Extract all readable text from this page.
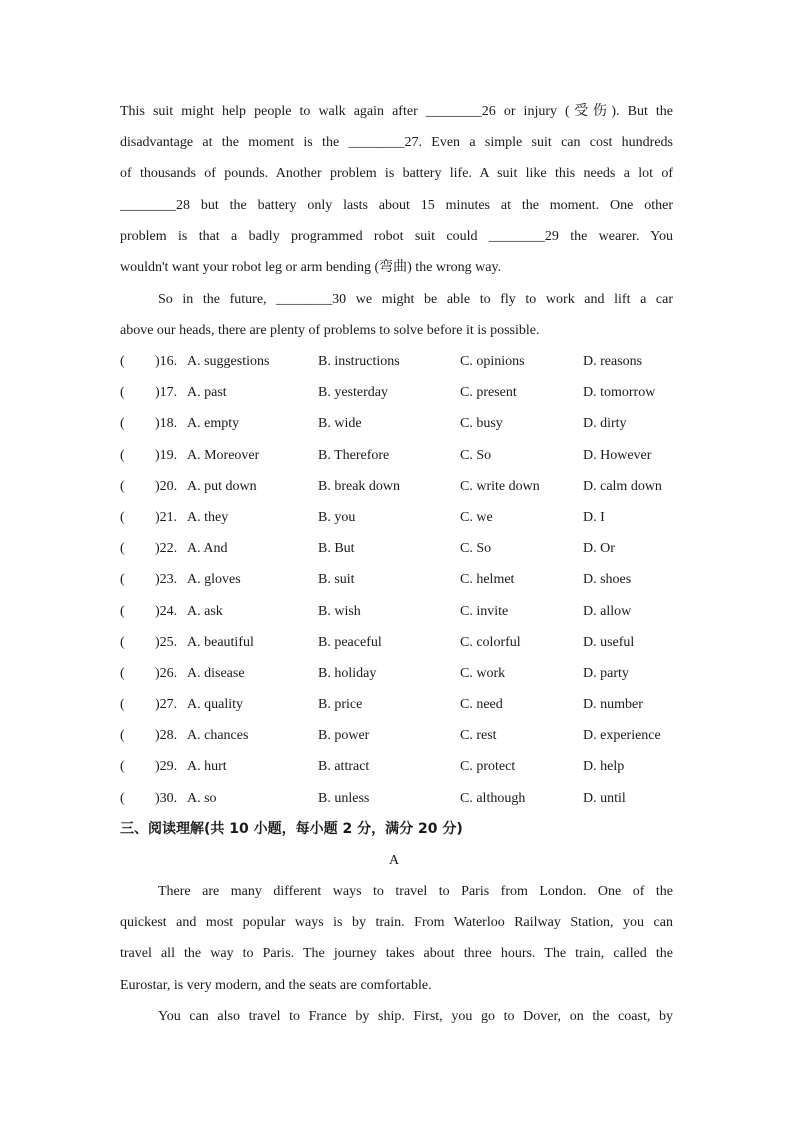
This suit might help people to walk again after ________26 or injury (受伤). But the
disadvantage at the moment is the ________27. Even a simple suit can cost hundreds
of thousands of pounds. Another problem is battery life. A suit like this needs a lot of
________28 but the battery only lasts about 15 minutes at the moment. One other
problem is that a badly programmed robot suit could ________29 the wearer. You
wouldn't want your robot leg or arm bending (弯曲) the wrong way.
So in the future, ________30 we might be able to fly to work and lift a car
above our heads, there are plenty of problems to solve before it is possible.
( )16. A. suggestions	B. instructions	C. opinions	D. reasons
( )17. A. past	B. yesterday	C. present	D. tomorrow
( )18. A. empty	B. wide	C. busy	D. dirty
( )19. A. Moreover	B. Therefore	C. So	D. However
( )20. A. put down	B. break down	C. write down	D. calm down
( )21. A. they	B. you	C. we	D. I
( )22. A. And	B. But	C. So	D. Or
( )23. A. gloves	B. suit	C. helmet	D. shoes
( )24. A. ask	B. wish	C. invite	D. allow
( )25. A. beautiful	B. peaceful	C. colorful	D. useful
( )26. A. disease	B. holiday	C. work	D. party
( )27. A. quality	B. price	C. need	D. number
( )28. A. chances	B. power	C. rest	D. experience
( )29. A. hurt	B. attract	C. protect	D. help
( )30. A. so	B. unless	C. although	D. until
三、阅读理解(共 10 小题，每小题 2 分，满分 20 分)
A
There are many different ways to travel to Paris from London. One of the
quickest and most popular ways is by train. From Waterloo Railway Station, you can
travel all the way to Paris. The journey takes about three hours. The train, called the
Eurostar, is very modern, and the seats are comfortable.
You can also travel to France by ship. First, you go to Dover, on the coast, by
